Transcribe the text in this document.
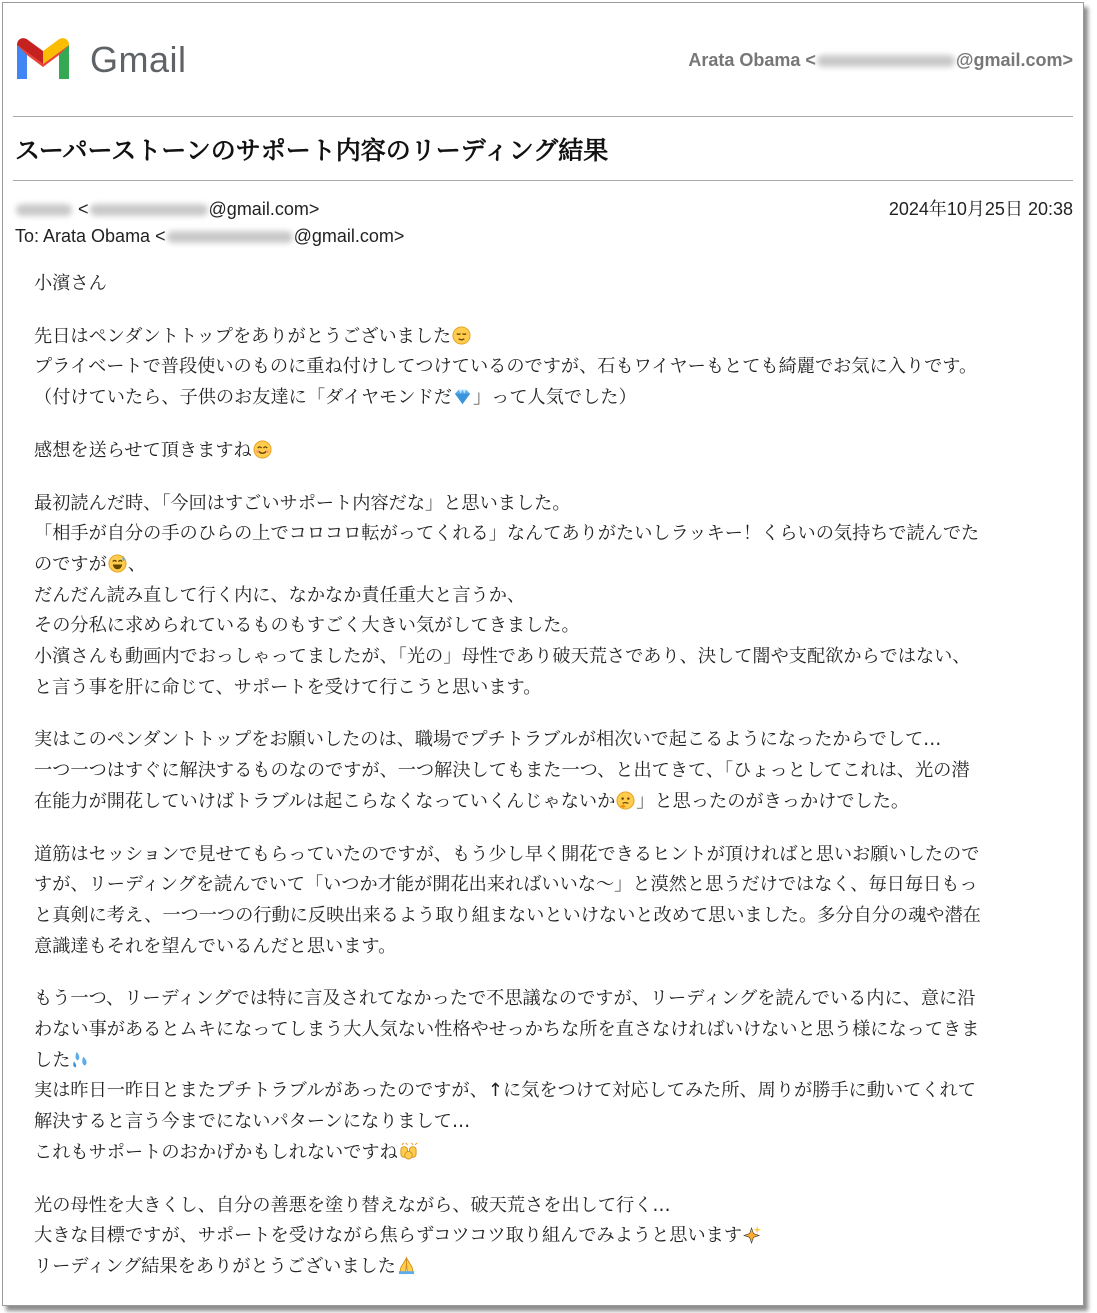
Gmail	Arata Obama <	@gmail.com>
スーパーストーンのサポート内容のリーディング結果
<	@gmail.com>	2024年10月25日 20:38
To: Arata Obama <	@gmail.com>
小濱さん
先日はペンダントトップをありがとうございました
プライベートで普段使いのものに重ね付けしてつけているのですが、石もワイヤーもとても綺麗でお気に入りです。
（付けていたら、子供のお友達に「ダイヤモンドだ 」って人気でした）
感想を送らせて頂きますね
最初読んだ時、「今回はすごいサポート内容だな」と思いました。
「相手が自分の手のひらの上でコロコロ転がってくれる」なんてありがたいしラッキー！くらいの気持ちで読んでた
のですが 、
だんだん読み直して行く内に、なかなか責任重大と言うか、
その分私に求められているものもすごく大きい気がしてきました。
小濱さんも動画内でおっしゃってましたが、「光の」母性であり破天荒さであり、決して闇や支配欲からではない、
と言う事を肝に命じて、サポートを受けて行こうと思います。
実はこのペンダントトップをお願いしたのは、職場でプチトラブルが相次いで起こるようになったからでして…
一つ一つはすぐに解決するものなのですが、一つ解決してもまた一つ、と出てきて、「ひょっとしてこれは、光の潜
在能力が開花していけばトラブルは起こらなくなっていくんじゃないか 」と思ったのがきっかけでした。
道筋はセッションで見せてもらっていたのですが、もう少し早く開花できるヒントが頂ければと思いお願いしたので
すが、リーディングを読んでいて「いつか才能が開花出来ればいいな～」と漠然と思うだけではなく、毎日毎日もっ
と真剣に考え、一つ一つの行動に反映出来るよう取り組まないといけないと改めて思いました。多分自分の魂や潜在
意識達もそれを望んでいるんだと思います。
もう一つ、リーディングでは特に言及されてなかったで不思議なのですが、リーディングを読んでいる内に、意に沿
わない事があるとムキになってしまう大人気ない性格やせっかちな所を直さなければいけないと思う様になってきま
した
実は昨日一昨日とまたプチトラブルがあったのですが、↑に気をつけて対応してみた所、周りが勝手に動いてくれて
解決すると言う今までにないパターンになりまして…
これもサポートのおかげかもしれないですね
光の母性を大きくし、自分の善悪を塗り替えながら、破天荒さを出して行く…
大きな目標ですが、サポートを受けながら焦らずコツコツ取り組んでみようと思います
リーディング結果をありがとうございました
